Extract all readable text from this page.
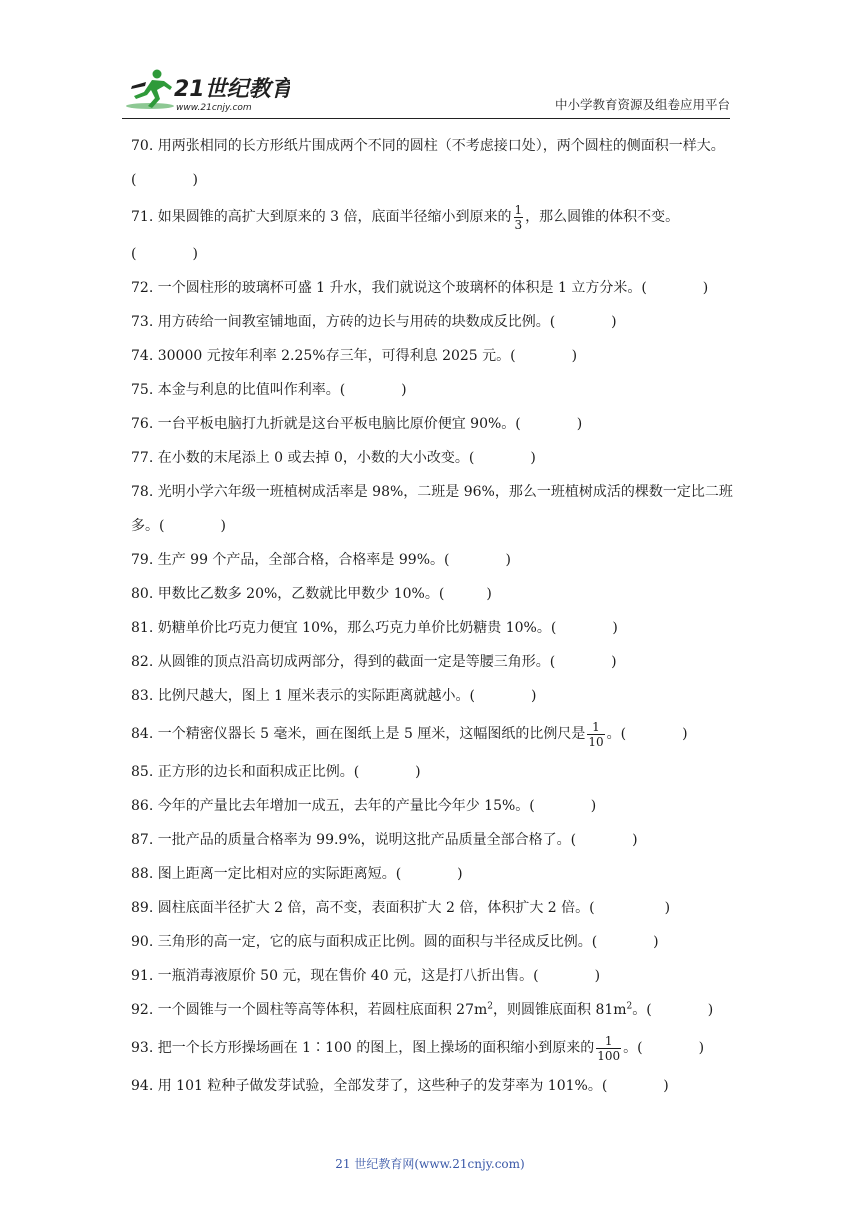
21世纪教育
www.21cnjy.com	中小学教育资源及组卷应用平台
70. 用两张相同的长方形纸片围成两个不同的圆柱（不考虑接口处），两个圆柱的侧面积一样大。(　　　　)
71. 如果圆锥的高扩大到原来的 3 倍，底面半径缩小到原来的 $\frac{1}{3}$ ，那么圆锥的体积不变。
(　　　　)
72. 一个圆柱形的玻璃杯可盛 1 升水，我们就说这个玻璃杯的体积是 1 立方分米。(　　　　)
73. 用方砖给一间教室铺地面，方砖的边长与用砖的块数成反比例。(　　　　)
74. 30000 元按年利率 2.25%存三年，可得利息 2025 元。(　　　　)
75. 本金与利息的比值叫作利率。(　　　　)
76. 一台平板电脑打九折就是这台平板电脑比原价便宜 90%。(　　　　)
77. 在小数的末尾添上 0 或去掉 0，小数的大小改变。(　　　　)
78. 光明小学六年级一班植树成活率是 98%，二班是 96%，那么一班植树成活的棵数一定比二班多。(　　　　)
79. 生产 99 个产品，全部合格，合格率是 99%。(　　　　)
80. 甲数比乙数多 20%，乙数就比甲数少 10%。(　　　)
81. 奶糖单价比巧克力便宜 10%，那么巧克力单价比奶糖贵 10%。(　　　　)
82. 从圆锥的顶点沿高切成两部分，得到的截面一定是等腰三角形。(　　　　)
83. 比例尺越大，图上 1 厘米表示的实际距离就越小。(　　　　)
84. 一个精密仪器长 5 毫米，画在图纸上是 5 厘米，这幅图纸的比例尺是 $\frac{1}{10}$ 。(　　　　)
85. 正方形的边长和面积成正比例。(　　　　)
86. 今年的产量比去年增加一成五，去年的产量比今年少 15%。(　　　　)
87. 一批产品的质量合格率为 99.9%，说明这批产品质量全部合格了。(　　　　)
88. 图上距离一定比相对应的实际距离短。(　　　　)
89. 圆柱底面半径扩大 2 倍，高不变，表面积扩大 2 倍，体积扩大 2 倍。(　　　　　)
90. 三角形的高一定，它的底与面积成正比例。圆的面积与半径成反比例。(　　　　)
91. 一瓶消毒液原价 50 元，现在售价 40 元，这是打八折出售。(　　　　)
92. 一个圆锥与一个圆柱等高等体积，若圆柱底面积 $27m^2$，则圆锥底面积 $81m^2$。(　　　　)
93. 把一个长方形操场画在 1∶100 的图上，图上操场的面积缩小到原来的 $\frac{1}{100}$ 。(　　　　)
94. 用 101 粒种子做发芽试验，全部发芽了，这些种子的发芽率为 101%。(　　　　)
21 世纪教育网(www.21cnjy.com)
